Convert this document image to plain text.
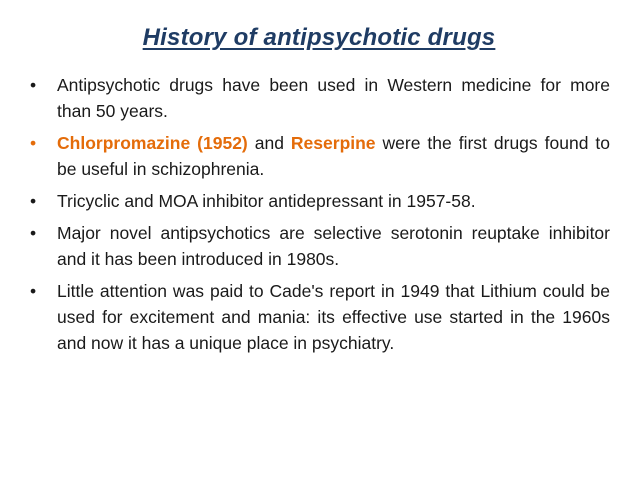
History of antipsychotic drugs
•	Antipsychotic drugs have been used in Western medicine for more than 50 years.
•	Chlorpromazine (1952) and Reserpine were the first drugs found to be useful in schizophrenia.
•	Tricyclic and MOA inhibitor antidepressant in 1957-58.
•	Major novel antipsychotics are selective serotonin reuptake inhibitor and it has been introduced in 1980s.
•	Little attention was paid to Cade's report in 1949 that Lithium could be used for excitement and mania: its effective use started in the 1960s and now it has a unique place in psychiatry.
